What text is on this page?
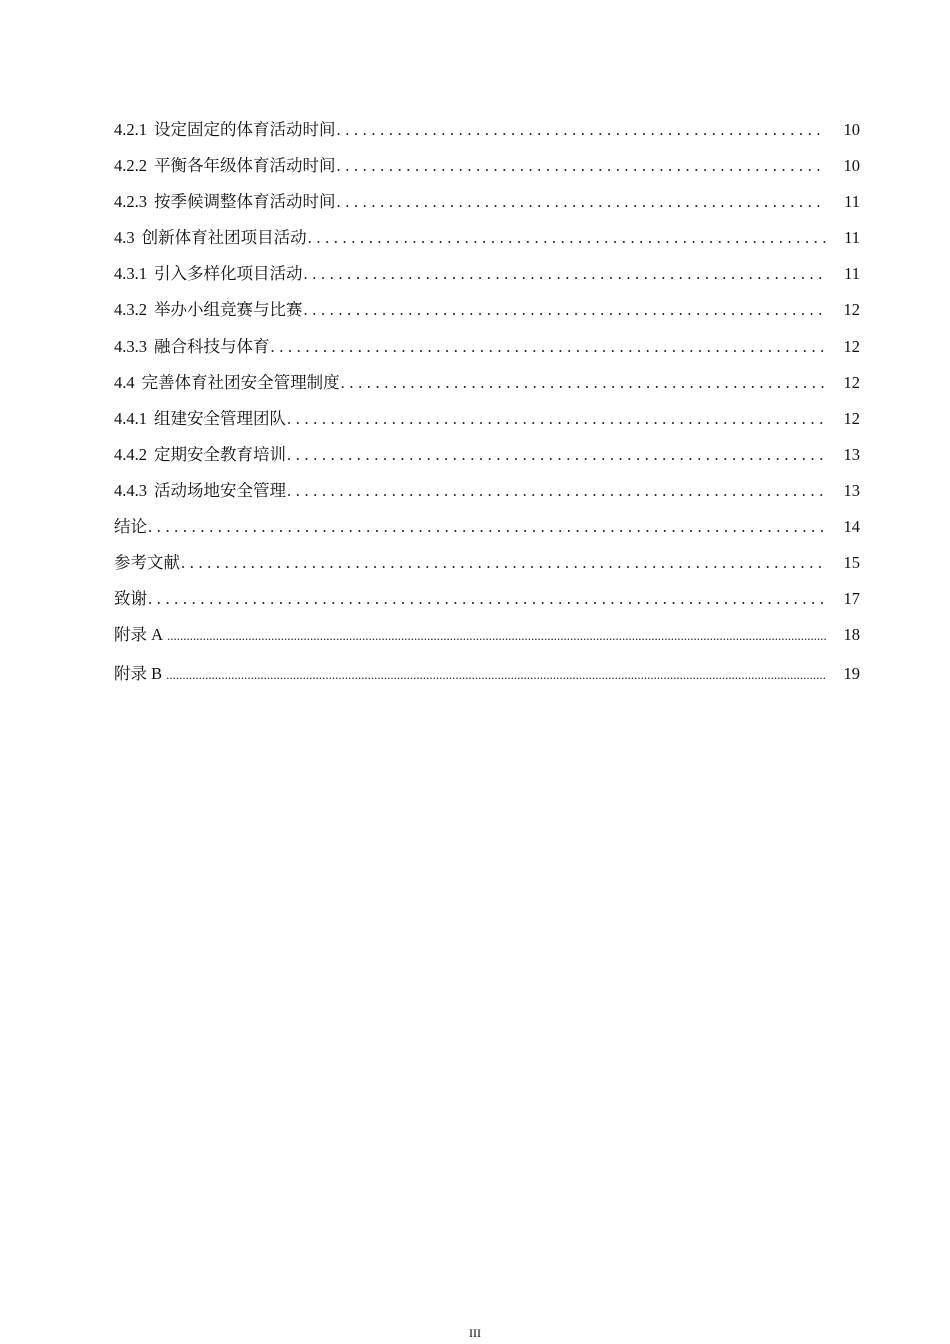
4.2.1 设定固定的体育活动时间 .....	10
4.2.2 平衡各年级体育活动时间 .....	10
4.2.3 按季候调整体育活动时间 .....	11
4.3 创新体育社团项目活动 .....	11
4.3.1 引入多样化项目活动 .....	11
4.3.2 举办小组竞赛与比赛 .....	12
4.3.3 融合科技与体育 .....	12
4.4 完善体育社团安全管理制度 .....	12
4.4.1 组建安全管理团队 .....	12
4.4.2 定期安全教育培训 .....	13
4.4.3 活动场地安全管理 .....	13
结论 .....	14
参考文献 .....	15
致谢 .....	17
附录 A .....	18
附录 B .....	19
III
